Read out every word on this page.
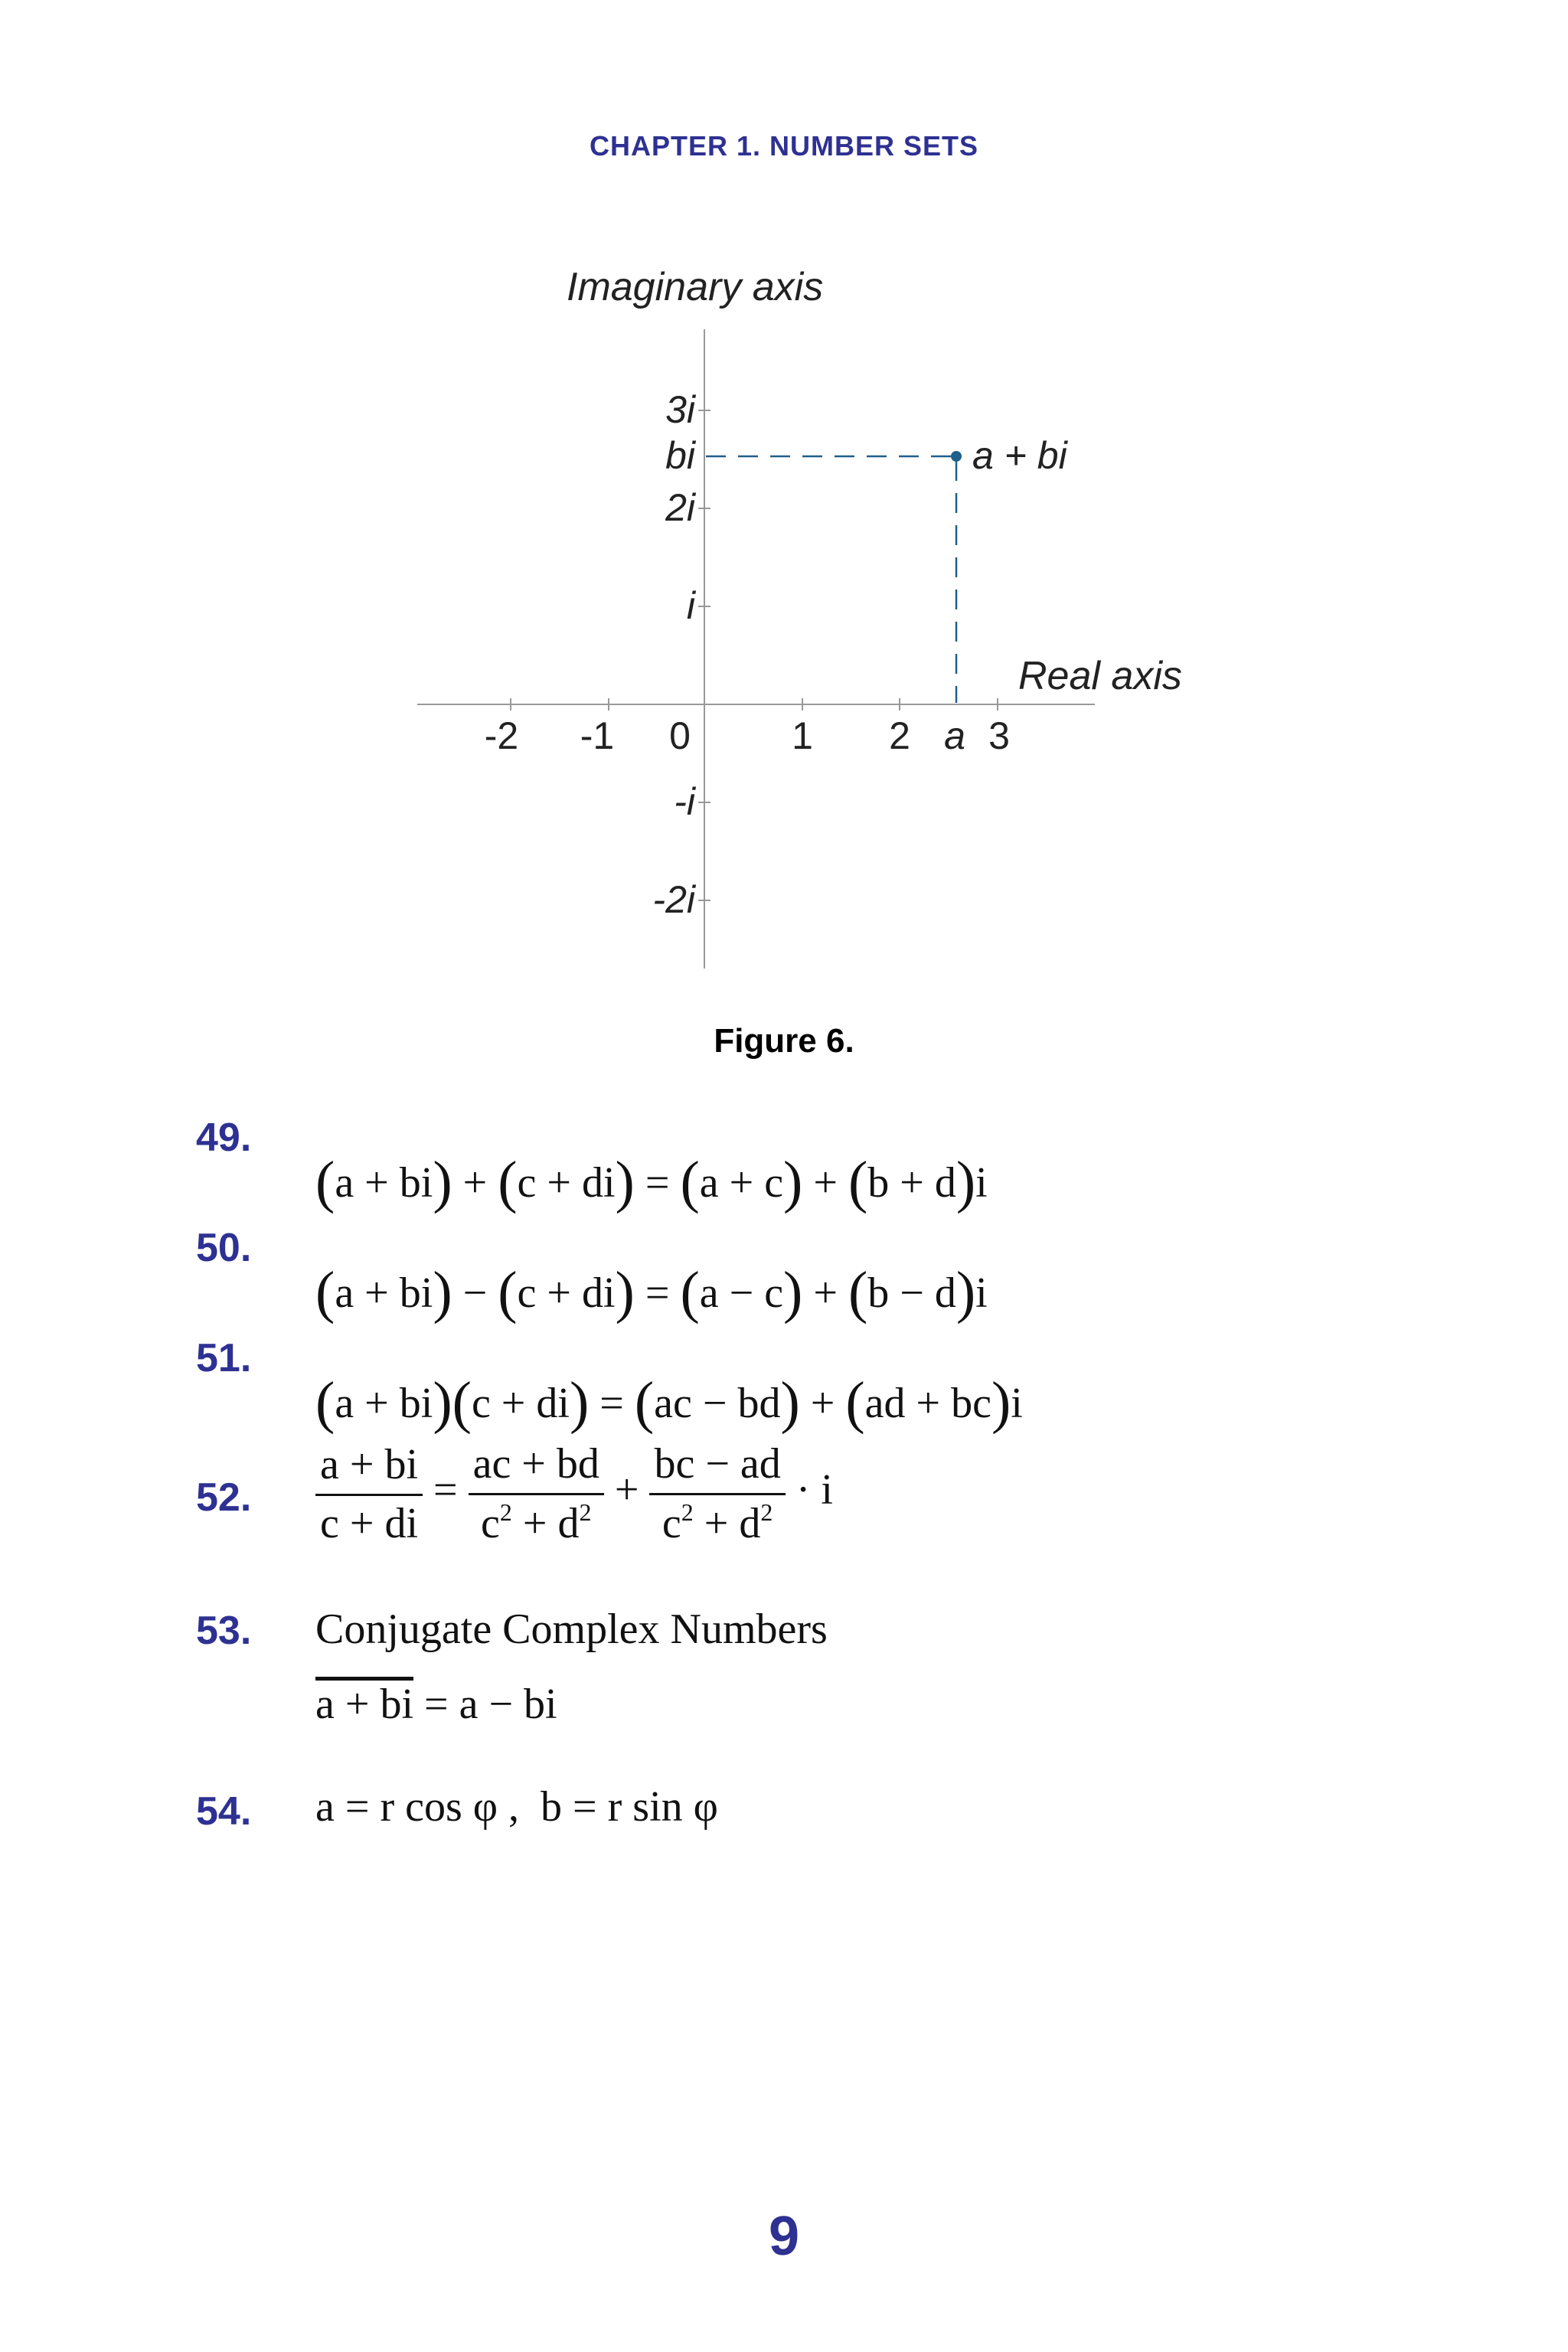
CHAPTER 1. NUMBER SETS
Imaginary axis
Real axis
a + bi
-2 -1 0	1 2 a 3
3i
bi
2i
i
-i
-2i
Figure 6.
49.

(a + bi) + (c + di) = (a + c) + (b + d)i
50.

(a + bi) − (c + di) = (a − c) + (b − d)i
51.

(a + bi)(c + di) = (ac − bd) + (ad + bc)i
52. $\frac{a + bi}{c + di} = \frac{ac + bd}{c^2 + d^2} + \frac{bc - ad}{c^2 + d^2} \cdot i$
53. Conjugate Complex Numbers
a + bi = a − bi
54. a = r cos φ ,  b = r sin φ
9
